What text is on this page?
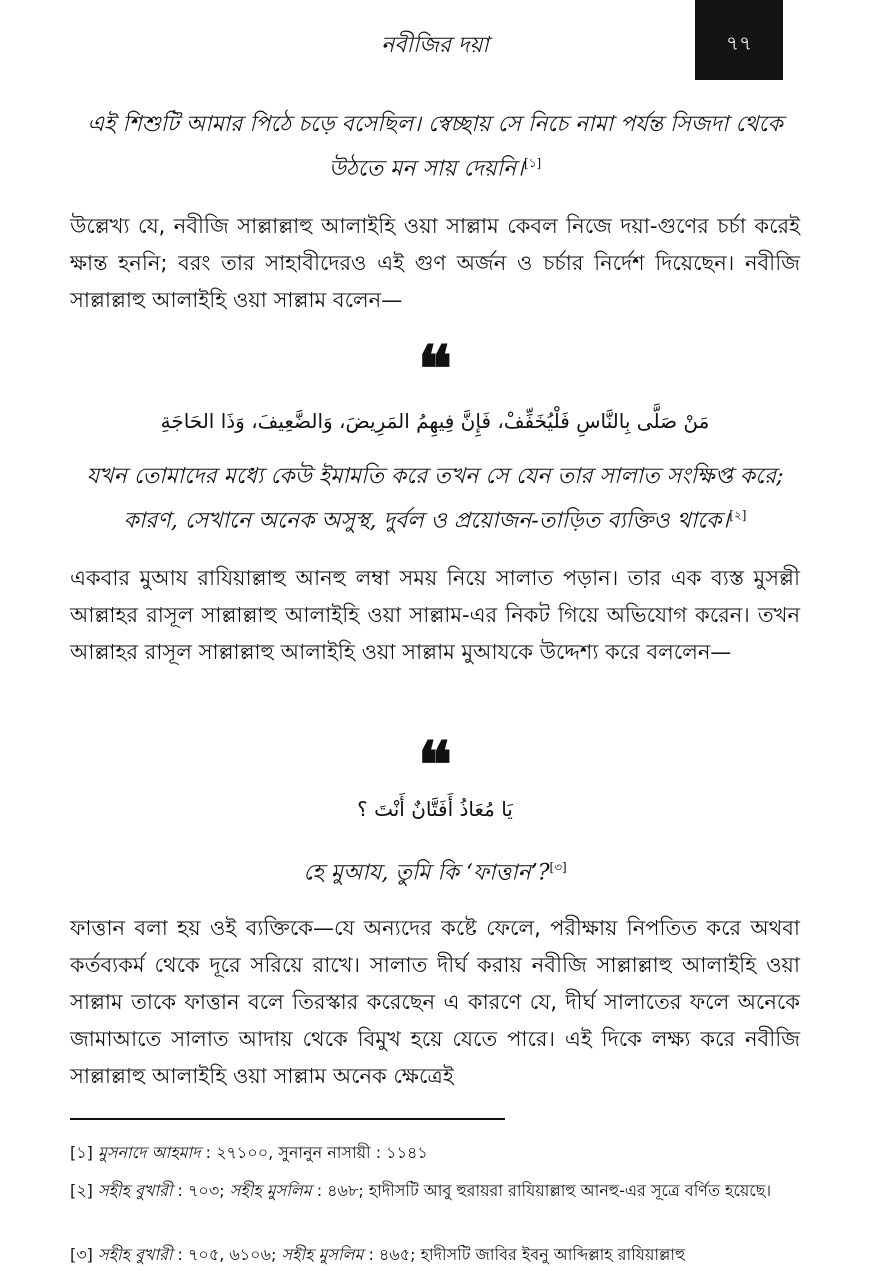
নবীজির দয়া	৭৭
এই শিশুটি আমার পিঠে চড়ে বসেছিল। স্বেচ্ছায় সে নিচে নামা পর্যন্ত সিজদা থেকে উঠতে মন সায় দেয়নি।[১]

উল্লেখ্য যে, নবীজি সাল্লাল্লাহু আলাইহি ওয়া সাল্লাম কেবল নিজে দয়া-গুণের চর্চা করেই ক্ষান্ত হননি; বরং তার সাহাবীদেরও এই গুণ অর্জন ও চর্চার নির্দেশ দিয়েছেন। নবীজি সাল্লাল্লাহু আলাইহি ওয়া সাল্লাম বলেন—

❝
مَنْ صَلَّى بِالنَّاسِ فَلْيُخَفِّفْ، فَإِنَّ فِيهِمُ المَرِيضَ، وَالضَّعِيفَ، وَذَا الحَاجَةِ
যখন তোমাদের মধ্যে কেউ ইমামতি করে তখন সে যেন তার সালাত সংক্ষিপ্ত করে; কারণ, সেখানে অনেক অসুস্থ, দুর্বল ও প্রয়োজন-তাড়িত ব্যক্তিও থাকে।[২]

একবার মুআয রাযিয়াল্লাহু আনহু লম্বা সময় নিয়ে সালাত পড়ান। তার এক ব্যস্ত মুসল্লী আল্লাহর রাসূল সাল্লাল্লাহু আলাইহি ওয়া সাল্লাম-এর নিকট গিয়ে অভিযোগ করেন। তখন আল্লাহর রাসূল সাল্লাল্লাহু আলাইহি ওয়া সাল্লাম মুআযকে উদ্দেশ্য করে বললেন—

❝
يَا مُعَاذُ أَفَتَّانٌ أَنْتَ ؟
হে মুআয, তুমি কি ‘ফাত্তান’?[৩]

ফাত্তান বলা হয় ওই ব্যক্তিকে—যে অন্যদের কষ্টে ফেলে, পরীক্ষায় নিপতিত করে অথবা কর্তব্যকর্ম থেকে দূরে সরিয়ে রাখে। সালাত দীর্ঘ করায় নবীজি সাল্লাল্লাহু আলাইহি ওয়া সাল্লাম তাকে ফাত্তান বলে তিরস্কার করেছেন এ কারণে যে, দীর্ঘ সালাতের ফলে অনেকে জামাআতে সালাত আদায় থেকে বিমুখ হয়ে যেতে পারে। এই দিকে লক্ষ্য করে নবীজি সাল্লাল্লাহু আলাইহি ওয়া সাল্লাম অনেক ক্ষেত্রেই

[১] মুসনাদে আহমাদ : ২৭১০০, সুনানুন নাসায়ী : ১১৪১
[২] সহীহ বুখারী : ৭০৩; সহীহ মুসলিম : ৪৬৮; হাদীসটি আবু হুরায়রা রাযিয়াল্লাহু আনহু-এর সূত্রে বর্ণিত হয়েছে।
[৩] সহীহ বুখারী : ৭০৫, ৬১০৬; সহীহ মুসলিম : ৪৬৫; হাদীসটি জাবির ইবনু আব্দিল্লাহ রাযিয়াল্লাহু
